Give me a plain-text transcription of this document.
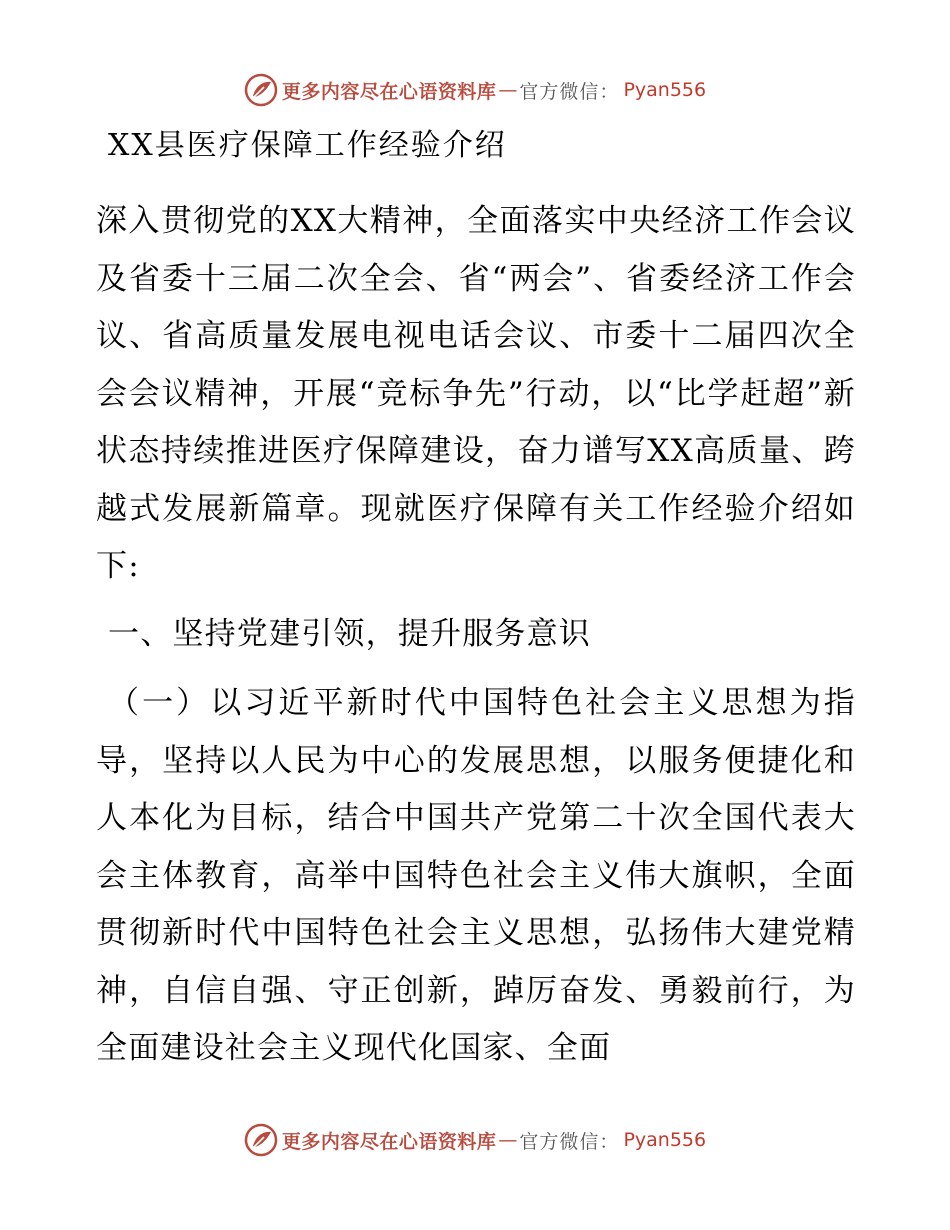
更多内容尽在心语资料库 — 官方微信： Pyan556
XX县医疗保障工作经验介绍

深入贯彻党的XX大精神，全面落实中央经济工作会议及省委十三届二次全会、省“两会”、省委经济工作会议、省高质量发展电视电话会议、市委十二届四次全会会议精神，开展“竞标争先”行动，以“比学赶超”新状态持续推进医疗保障建设，奋力谱写XX高质量、跨越式发展新篇章。现就医疗保障有关工作经验介绍如下:

一、坚持党建引领，提升服务意识

（一）以习近平新时代中国特色社会主义思想为指导，坚持以人民为中心的发展思想，以服务便捷化和人本化为目标，结合中国共产党第二十次全国代表大会主体教育，高举中国特色社会主义伟大旗帜，全面贯彻新时代中国特色社会主义思想，弘扬伟大建党精神，自信自强、守正创新，踔厉奋发、勇毅前行，为全面建设社会主义现代化国家、全面

更多内容尽在心语资料库 — 官方微信： Pyan556
